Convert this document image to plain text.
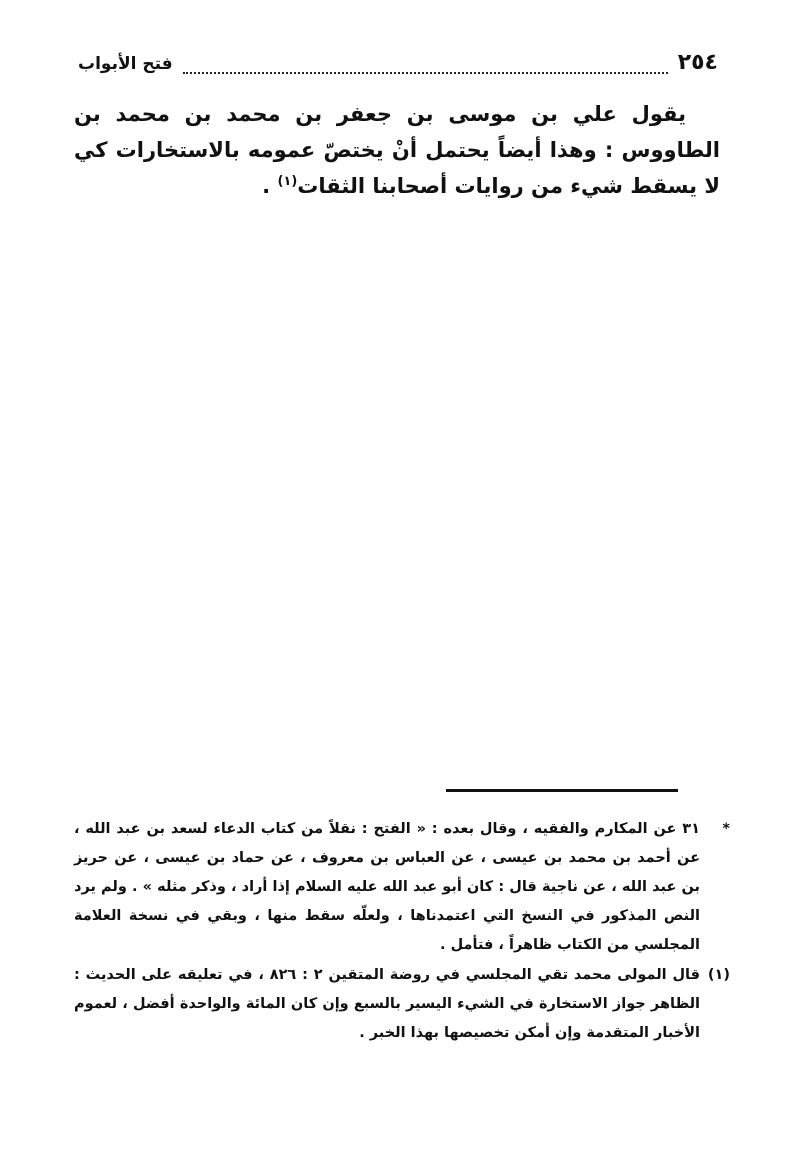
٢٥٤
فتح الأبواب
يقول علي بن موسى بن جعفر بن محمد بن محمد بن الطاووس : وهذا أيضاً يحتمل أنْ يختصّ عمومه بالاستخارات كي لا يسقط شيء من روايات أصحابنا الثقات$^{(١)}$ .
*
٣١ عن المكارم والفقيه ، وقال بعده : « الفتح : نقلاً من كتاب الدعاء لسعد بن عبد الله ، عن أحمد بن محمد بن عيسى ، عن العباس بن معروف ، عن حماد بن عيسى ، عن حريز بن عبد الله ، عن ناجية قال : كان أبو عبد الله عليه السلام إذا أراد ، وذكر مثله » . ولم يرد النص المذكور في النسخ التي اعتمدناها ، ولعلّه سقط منها ، وبقي في نسخة العلامة المجلسي من الكتاب ظاهراً ، فتأمل .
(١)
قال المولى محمد تقي المجلسي في روضة المتقين ٢ : ٨٢٦ ، في تعليقه على الحديث : الظاهر جواز الاستخارة في الشيء اليسير بالسبع وإن كان المائة والواحدة أفضل ، لعموم الأخبار المتقدمة وإن أمكن تخصيصها بهذا الخبر .
